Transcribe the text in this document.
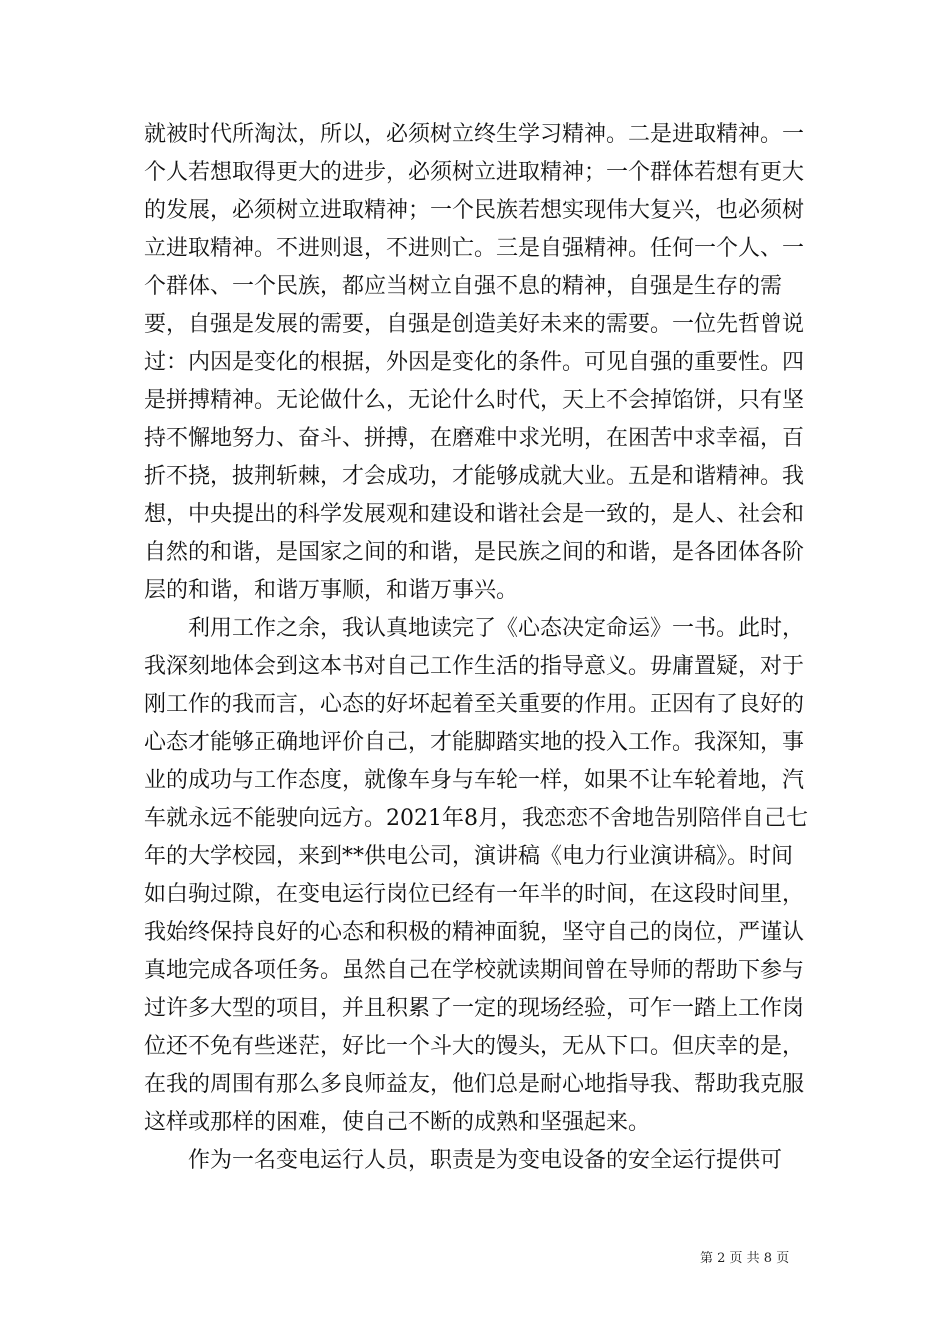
就被时代所淘汰，所以，必须树立终生学习精神。二是进取精神。一个人若想取得更大的进步，必须树立进取精神；一个群体若想有更大的发展，必须树立进取精神；一个民族若想实现伟大复兴，也必须树立进取精神。不进则退，不进则亡。三是自强精神。任何一个人、一个群体、一个民族，都应当树立自强不息的精神，自强是生存的需要，自强是发展的需要，自强是创造美好未来的需要。一位先哲曾说过：内因是变化的根据，外因是变化的条件。可见自强的重要性。四是拼搏精神。无论做什么，无论什么时代，天上不会掉馅饼，只有坚持不懈地努力、奋斗、拼搏，在磨难中求光明，在困苦中求幸福，百折不挠，披荆斩棘，才会成功，才能够成就大业。五是和谐精神。我想，中央提出的科学发展观和建设和谐社会是一致的，是人、社会和自然的和谐，是国家之间的和谐，是民族之间的和谐，是各团体各阶层的和谐，和谐万事顺，和谐万事兴。

利用工作之余，我认真地读完了《心态决定命运》一书。此时，我深刻地体会到这本书对自己工作生活的指导意义。毋庸置疑，对于刚工作的我而言，心态的好坏起着至关重要的作用。正因有了良好的心态才能够正确地评价自己，才能脚踏实地的投入工作。我深知，事业的成功与工作态度，就像车身与车轮一样，如果不让车轮着地，汽车就永远不能驶向远方。2021年8月，我恋恋不舍地告别陪伴自己七年的大学校园，来到**供电公司，演讲稿《电力行业演讲稿》。时间如白驹过隙，在变电运行岗位已经有一年半的时间，在这段时间里，我始终保持良好的心态和积极的精神面貌，坚守自己的岗位，严谨认真地完成各项任务。虽然自己在学校就读期间曾在导师的帮助下参与过许多大型的项目，并且积累了一定的现场经验，可乍一踏上工作岗位还不免有些迷茫，好比一个斗大的馒头，无从下口。但庆幸的是，在我的周围有那么多良师益友，他们总是耐心地指导我、帮助我克服这样或那样的困难，使自己不断的成熟和坚强起来。

作为一名变电运行人员，职责是为变电设备的安全运行提供可

第 2 页 共 8 页
